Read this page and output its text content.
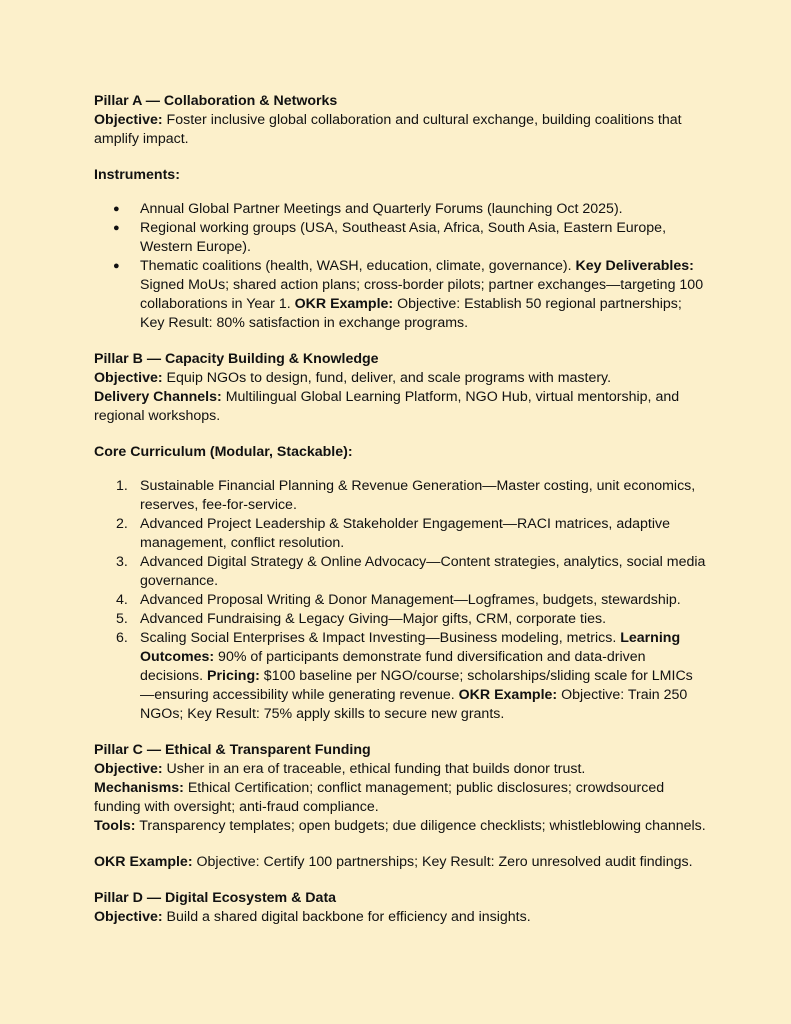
Pillar A — Collaboration & Networks

Objective: Foster inclusive global collaboration and cultural exchange, building coalitions that amplify impact.

Instruments:

● Annual Global Partner Meetings and Quarterly Forums (launching Oct 2025).
● Regional working groups (USA, Southeast Asia, Africa, South Asia, Eastern Europe, Western Europe).
● Thematic coalitions (health, WASH, education, climate, governance). Key Deliverables: Signed MoUs; shared action plans; cross-border pilots; partner exchanges—targeting 100 collaborations in Year 1. OKR Example: Objective: Establish 50 regional partnerships; Key Result: 80% satisfaction in exchange programs.

Pillar B — Capacity Building & Knowledge

Objective: Equip NGOs to design, fund, deliver, and scale programs with mastery.

Delivery Channels: Multilingual Global Learning Platform, NGO Hub, virtual mentorship, and regional workshops.

Core Curriculum (Modular, Stackable):

1. Sustainable Financial Planning & Revenue Generation—Master costing, unit economics, reserves, fee-for-service.
2. Advanced Project Leadership & Stakeholder Engagement—RACI matrices, adaptive management, conflict resolution.
3. Advanced Digital Strategy & Online Advocacy—Content strategies, analytics, social media governance.
4. Advanced Proposal Writing & Donor Management—Logframes, budgets, stewardship.
5. Advanced Fundraising & Legacy Giving—Major gifts, CRM, corporate ties.
6. Scaling Social Enterprises & Impact Investing—Business modeling, metrics. Learning Outcomes: 90% of participants demonstrate fund diversification and data-driven decisions. Pricing: $100 baseline per NGO/course; scholarships/sliding scale for LMICs—ensuring accessibility while generating revenue. OKR Example: Objective: Train 250 NGOs; Key Result: 75% apply skills to secure new grants.

Pillar C — Ethical & Transparent Funding

Objective: Usher in an era of traceable, ethical funding that builds donor trust.

Mechanisms: Ethical Certification; conflict management; public disclosures; crowdsourced funding with oversight; anti-fraud compliance.

Tools: Transparency templates; open budgets; due diligence checklists; whistleblowing channels.

OKR Example: Objective: Certify 100 partnerships; Key Result: Zero unresolved audit findings.

Pillar D — Digital Ecosystem & Data

Objective: Build a shared digital backbone for efficiency and insights.
